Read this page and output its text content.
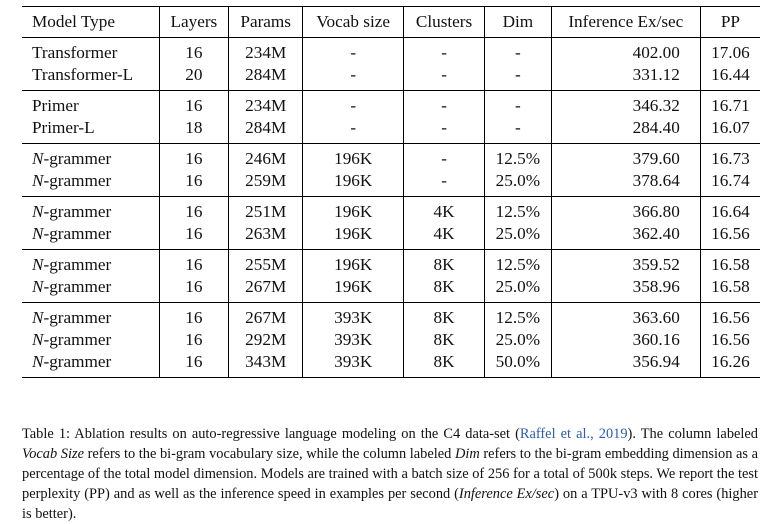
Model Type	Layers	Params	Vocab size	Clusters	Dim	Inference Ex/sec	PP
Transformer	16	234M	-	-	-	402.00	17.06
Transformer-L	20	284M	-	-	-	331.12	16.44
Primer	16	234M	-	-	-	346.32	16.71
Primer-L	18	284M	-	-	-	284.40	16.07
N-grammer	16	246M	196K	-	12.5%	379.60	16.73
N-grammer	16	259M	196K	-	25.0%	378.64	16.74
N-grammer	16	251M	196K	4K	12.5%	366.80	16.64
N-grammer	16	263M	196K	4K	25.0%	362.40	16.56
N-grammer	16	255M	196K	8K	12.5%	359.52	16.58
N-grammer	16	267M	196K	8K	25.0%	358.96	16.58
N-grammer	16	267M	393K	8K	12.5%	363.60	16.56
N-grammer	16	292M	393K	8K	25.0%	360.16	16.56
N-grammer	16	343M	393K	8K	50.0%	356.94	16.26

Table 1: Ablation results on auto-regressive language modeling on the C4 data-set (Raffel et al., 2019). The column labeled Vocab Size refers to the bi-gram vocabulary size, while the column labeled Dim refers to the bi-gram embedding dimension as a percentage of the total model dimension. Models are trained with a batch size of 256 for a total of 500k steps. We report the test perplexity (PP) and as well as the inference speed in examples per second (Inference Ex/sec) on a TPU-v3 with 8 cores (higher is better).
